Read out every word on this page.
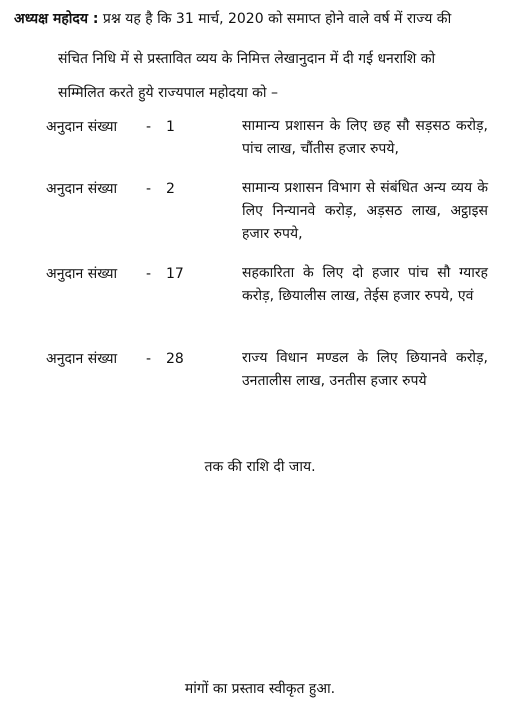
अध्यक्ष महोदय : प्रश्न यह है कि 31 मार्च, 2020 को समाप्त होने वाले वर्ष में राज्य की
संचित निधि में से प्रस्तावित व्यय के निमित्त लेखानुदान में दी गई धनराशि को
सम्मिलित करते हुये राज्यपाल महोदया को –
अनुदान संख्या - 1	सामान्य प्रशासन के लिए छह सौ सड़सठ करोड़, पांच लाख, चौंतीस हजार रुपये,
अनुदान संख्या - 2	सामान्य प्रशासन विभाग से संबंधित अन्य व्यय के लिए निन्यानवे करोड़, अड़सठ लाख, अट्ठाइस हजार रुपये,
अनुदान संख्या - 17	सहकारिता के लिए दो हजार पांच सौ ग्यारह करोड़, छियालीस लाख, तेईस हजार रुपये, एवं
अनुदान संख्या - 28	राज्य विधान मण्डल के लिए छियानवे करोड़, उनतालीस लाख, उनतीस हजार रुपये
तक की राशि दी जाय.
मांगों का प्रस्ताव स्वीकृत हुआ.
